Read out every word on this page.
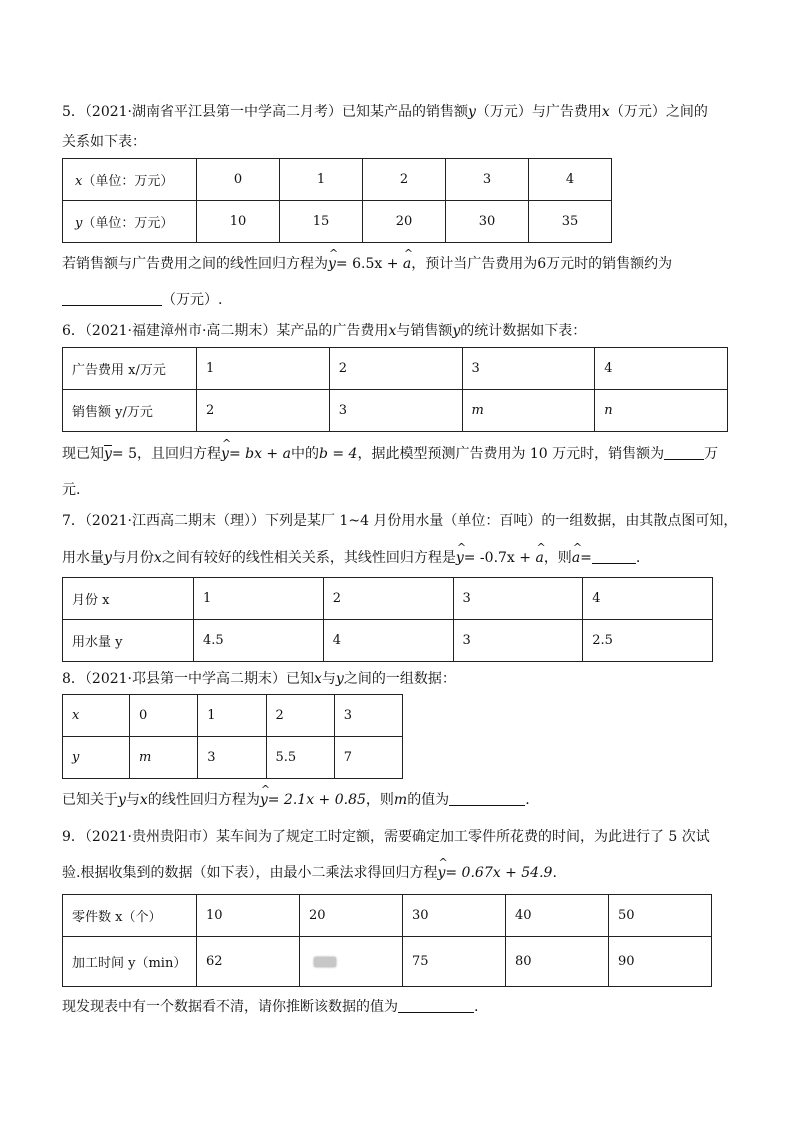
5．（2021·湖南省平江县第一中学高二月考）已知某产品的销售额y（万元）与广告费用x（万元）之间的
关系如下表：
x（单位：万元）	0	1	2	3	4
y（单位：万元）	10	15	20	30	35
若销售额与广告费用之间的线性回归方程为^ y= 6.5x + ^ a，预计当广告费用为6万元时的销售额约为
（万元）.
6．（2021·福建漳州市·高二期末）某产品的广告费用x与销售额y的统计数据如下表：
广告费用 x/万元	1	2	3	4
销售额 y/万元	2	3	m	n
现已知$\overline{y}= 5$，且回归方程^ y= bx + a中的b = 4，据此模型预测广告费用为 10 万元时，销售额为	万
元.
7．（2021·江西高二期末（理））下列是某厂 1~4 月份用水量（单位：百吨）的一组数据，由其散点图可知，
用水量y与月份x之间有较好的线性相关关系，其线性回归方程是^ y= -0.7x + ^ a，则^ a=	.
月份 x	1	2	3	4
用水量 y	4.5	4	3	2.5
8．（2021·邛县第一中学高二期末）已知x与y之间的一组数据：
x	0	1	2	3
y	m	3	5.5	7
已知关于y与x的线性回归方程为^ y= 2.1x + 0.85，则m的值为	.
9．（2021·贵州贵阳市）某车间为了规定工时定额，需要确定加工零件所花费的时间，为此进行了 5 次试
验.根据收集到的数据（如下表），由最小二乘法求得回归方程^ y= 0.67x + 54.9.
零件数 x（个）	10	20	30	40	50
加工时间 y（min）	62		75	80	90
现发现表中有一个数据看不清，请你推断该数据的值为	.
